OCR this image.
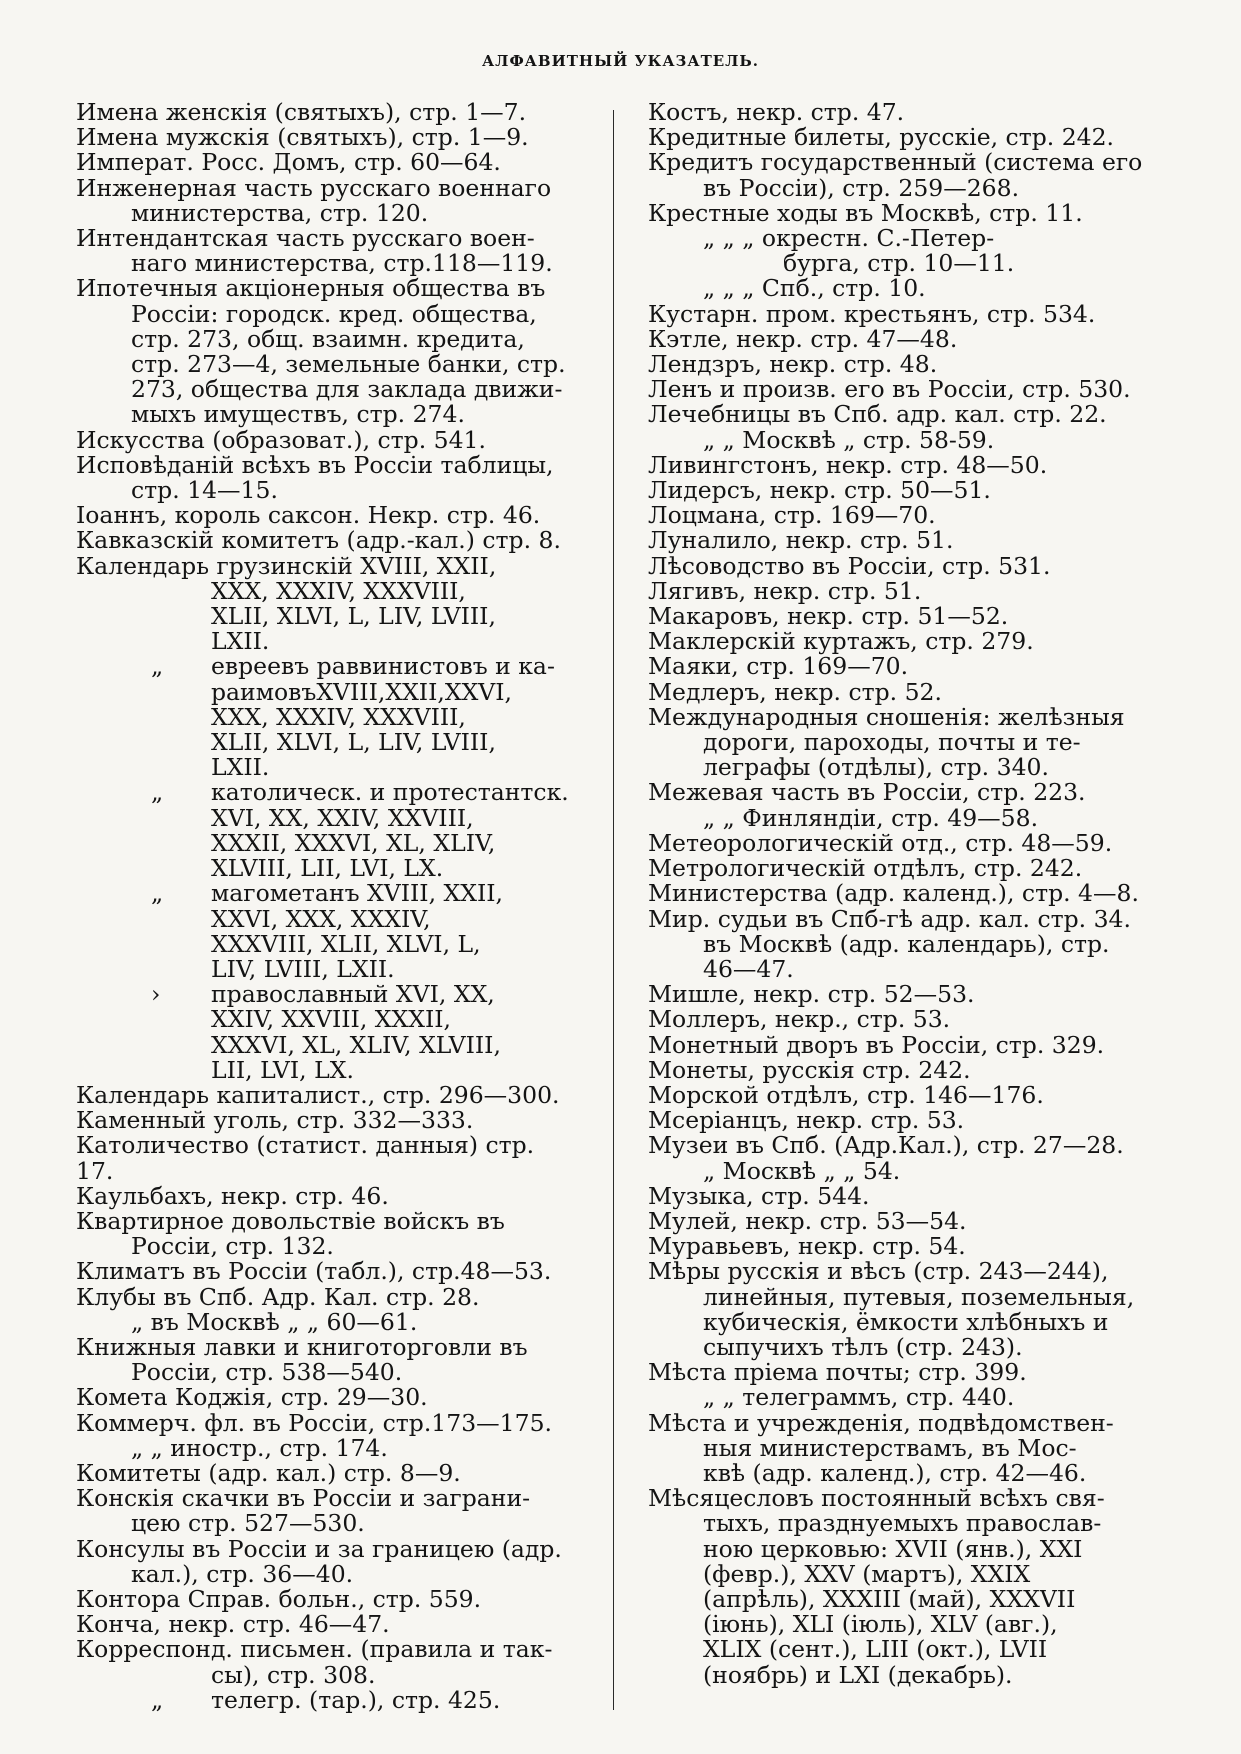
АЛФАВИТНЫЙ УКАЗАТЕЛЬ.
Имена женскія (святыхъ), стр. 1—7.
Имена мужскія (святыхъ), стр. 1—9.
Императ. Росс. Домъ, стр. 60—64.
Инженерная часть русскаго военнаго
министерства, стр. 120.
Интендантская часть русскаго воен-
наго министерства, стр.118—119.
Ипотечныя акціонерныя общества въ
Россіи: городск. кред. общества,
стр. 273, общ. взаимн. кредита,
стр. 273—4, земельные банки, стр.
273, общества для заклада движи-
мыхъ имуществъ, стр. 274.
Искусства (образоват.), стр. 541.
Исповѣданій всѣхъ въ Россіи таблицы,
стр. 14—15.
Іоаннъ, король саксон. Некр. стр. 46.
Кавказскій комитетъ (адр.-кал.) стр. 8.
Календарь грузинскій XVIII, XXII,
XXX, XXXIV, XXXVIII,
XLII, XLVI, L, LIV, LVIII,
LXII.
„ евреевъ раввинистовъ и ка-
раимовъXVIII,XXII,XXVI,
XXX, XXXIV, XXXVIII,
XLII, XLVI, L, LIV, LVIII,
LXII.
„ католическ. и протестантск.
XVI, XX, XXIV, XXVIII,
XXXII, XXXVI, XL, XLIV,
XLVIII, LII, LVI, LX.
„ магометанъ XVIII, XXII,
XXVI, XXX, XXXIV,
XXXVIII, XLII, XLVI, L,
LIV, LVIII, LXII.
› православный XVI, XX,
XXIV, XXVIII, XXXII,
XXXVI, XL, XLIV, XLVIII,
LII, LVI, LX.
Календарь капиталист., стр. 296—300.
Каменный уголь, стр. 332—333.
Католичество (статист. данныя) стр. 17.
Каульбахъ, некр. стр. 46.
Квартирное довольствіе войскъ въ
Россіи, стр. 132.
Климатъ въ Россіи (табл.), стр.48—53.
Клубы въ Спб. Адр. Кал. стр. 28.
„ въ Москвѣ „ „ 60—61.
Книжныя лавки и книготорговли въ
Россіи, стр. 538—540.
Комета Коджія, стр. 29—30.
Коммерч. фл. въ Россіи, стр.173—175.
„ „ иностр., стр. 174.
Комитеты (адр. кал.) стр. 8—9.
Конскія скачки въ Россіи и заграни-
цею стр. 527—530.
Консулы въ Россіи и за границею (адр.
кал.), стр. 36—40.
Контора Справ. больн., стр. 559.
Конча, некр. стр. 46—47.
Корреспонд. письмен. (правила и так-
сы), стр. 308.
„ телегр. (тар.), стр. 425.
Костъ, некр. стр. 47.
Кредитные билеты, русскіе, стр. 242.
Кредитъ государственный (система его
въ Россіи), стр. 259—268.
Крестные ходы въ Москвѣ, стр. 11.
„ „ „ окрестн. С.-Петер-
бурга, стр. 10—11.
„ „ „ Спб., стр. 10.
Кустарн. пром. крестьянъ, стр. 534.
Кэтле, некр. стр. 47—48.
Лендзръ, некр. стр. 48.
Ленъ и произв. его въ Россіи, стр. 530.
Лечебницы въ Спб. адр. кал. стр. 22.
„ „ Москвѣ „ стр. 58-59.
Ливингстонъ, некр. стр. 48—50.
Лидерсъ, некр. стр. 50—51.
Лоцмана, стр. 169—70.
Луналило, некр. стр. 51.
Лѣсоводство въ Россіи, стр. 531.
Лягивъ, некр. стр. 51.
Макаровъ, некр. стр. 51—52.
Маклерскій куртажъ, стр. 279.
Маяки, стр. 169—70.
Медлеръ, некр. стр. 52.
Международныя сношенія: желѣзныя
дороги, пароходы, почты и те-
леграфы (отдѣлы), стр. 340.
Межевая часть въ Россіи, стр. 223.
„ „ Финляндіи, стр. 49—58.
Метеорологическій отд., стр. 48—59.
Метрологическій отдѣлъ, стр. 242.
Министерства (адр. календ.), стр. 4—8.
Мир. судьи въ Спб-гѣ адр. кал. стр. 34.
въ Москвѣ (адр. календарь), стр.
46—47.
Мишле, некр. стр. 52—53.
Моллеръ, некр., стр. 53.
Монетный дворъ въ Россіи, стр. 329.
Монеты, русскія стр. 242.
Морской отдѣлъ, стр. 146—176.
Мсеріанцъ, некр. стр. 53.
Музеи въ Спб. (Адр.Кал.), стр. 27—28.
„ Москвѣ „ „ 54.
Музыка, стр. 544.
Мулей, некр. стр. 53—54.
Муравьевъ, некр. стр. 54.
Мѣры русскія и вѣсъ (стр. 243—244),
линейныя, путевыя, поземельныя,
кубическія, ёмкости хлѣбныхъ и
сыпучихъ тѣлъ (стр. 243).
Мѣста пріема почты; стр. 399.
„ „ телеграммъ, стр. 440.
Мѣста и учрежденія, подвѣдомствен-
ныя министерствамъ, въ Мос-
квѣ (адр. календ.), стр. 42—46.
Мѣсяцесловъ постоянный всѣхъ свя-
тыхъ, празднуемыхъ православ-
ною церковью: XVII (янв.), XXI
(февр.), XXV (мартъ), XXIX
(апрѣль), XXXIII (май), XXXVII
(іюнь), XLI (іюль), XLV (авг.),
XLIX (сент.), LIII (окт.), LVII
(ноябрь) и LXI (декабрь).
